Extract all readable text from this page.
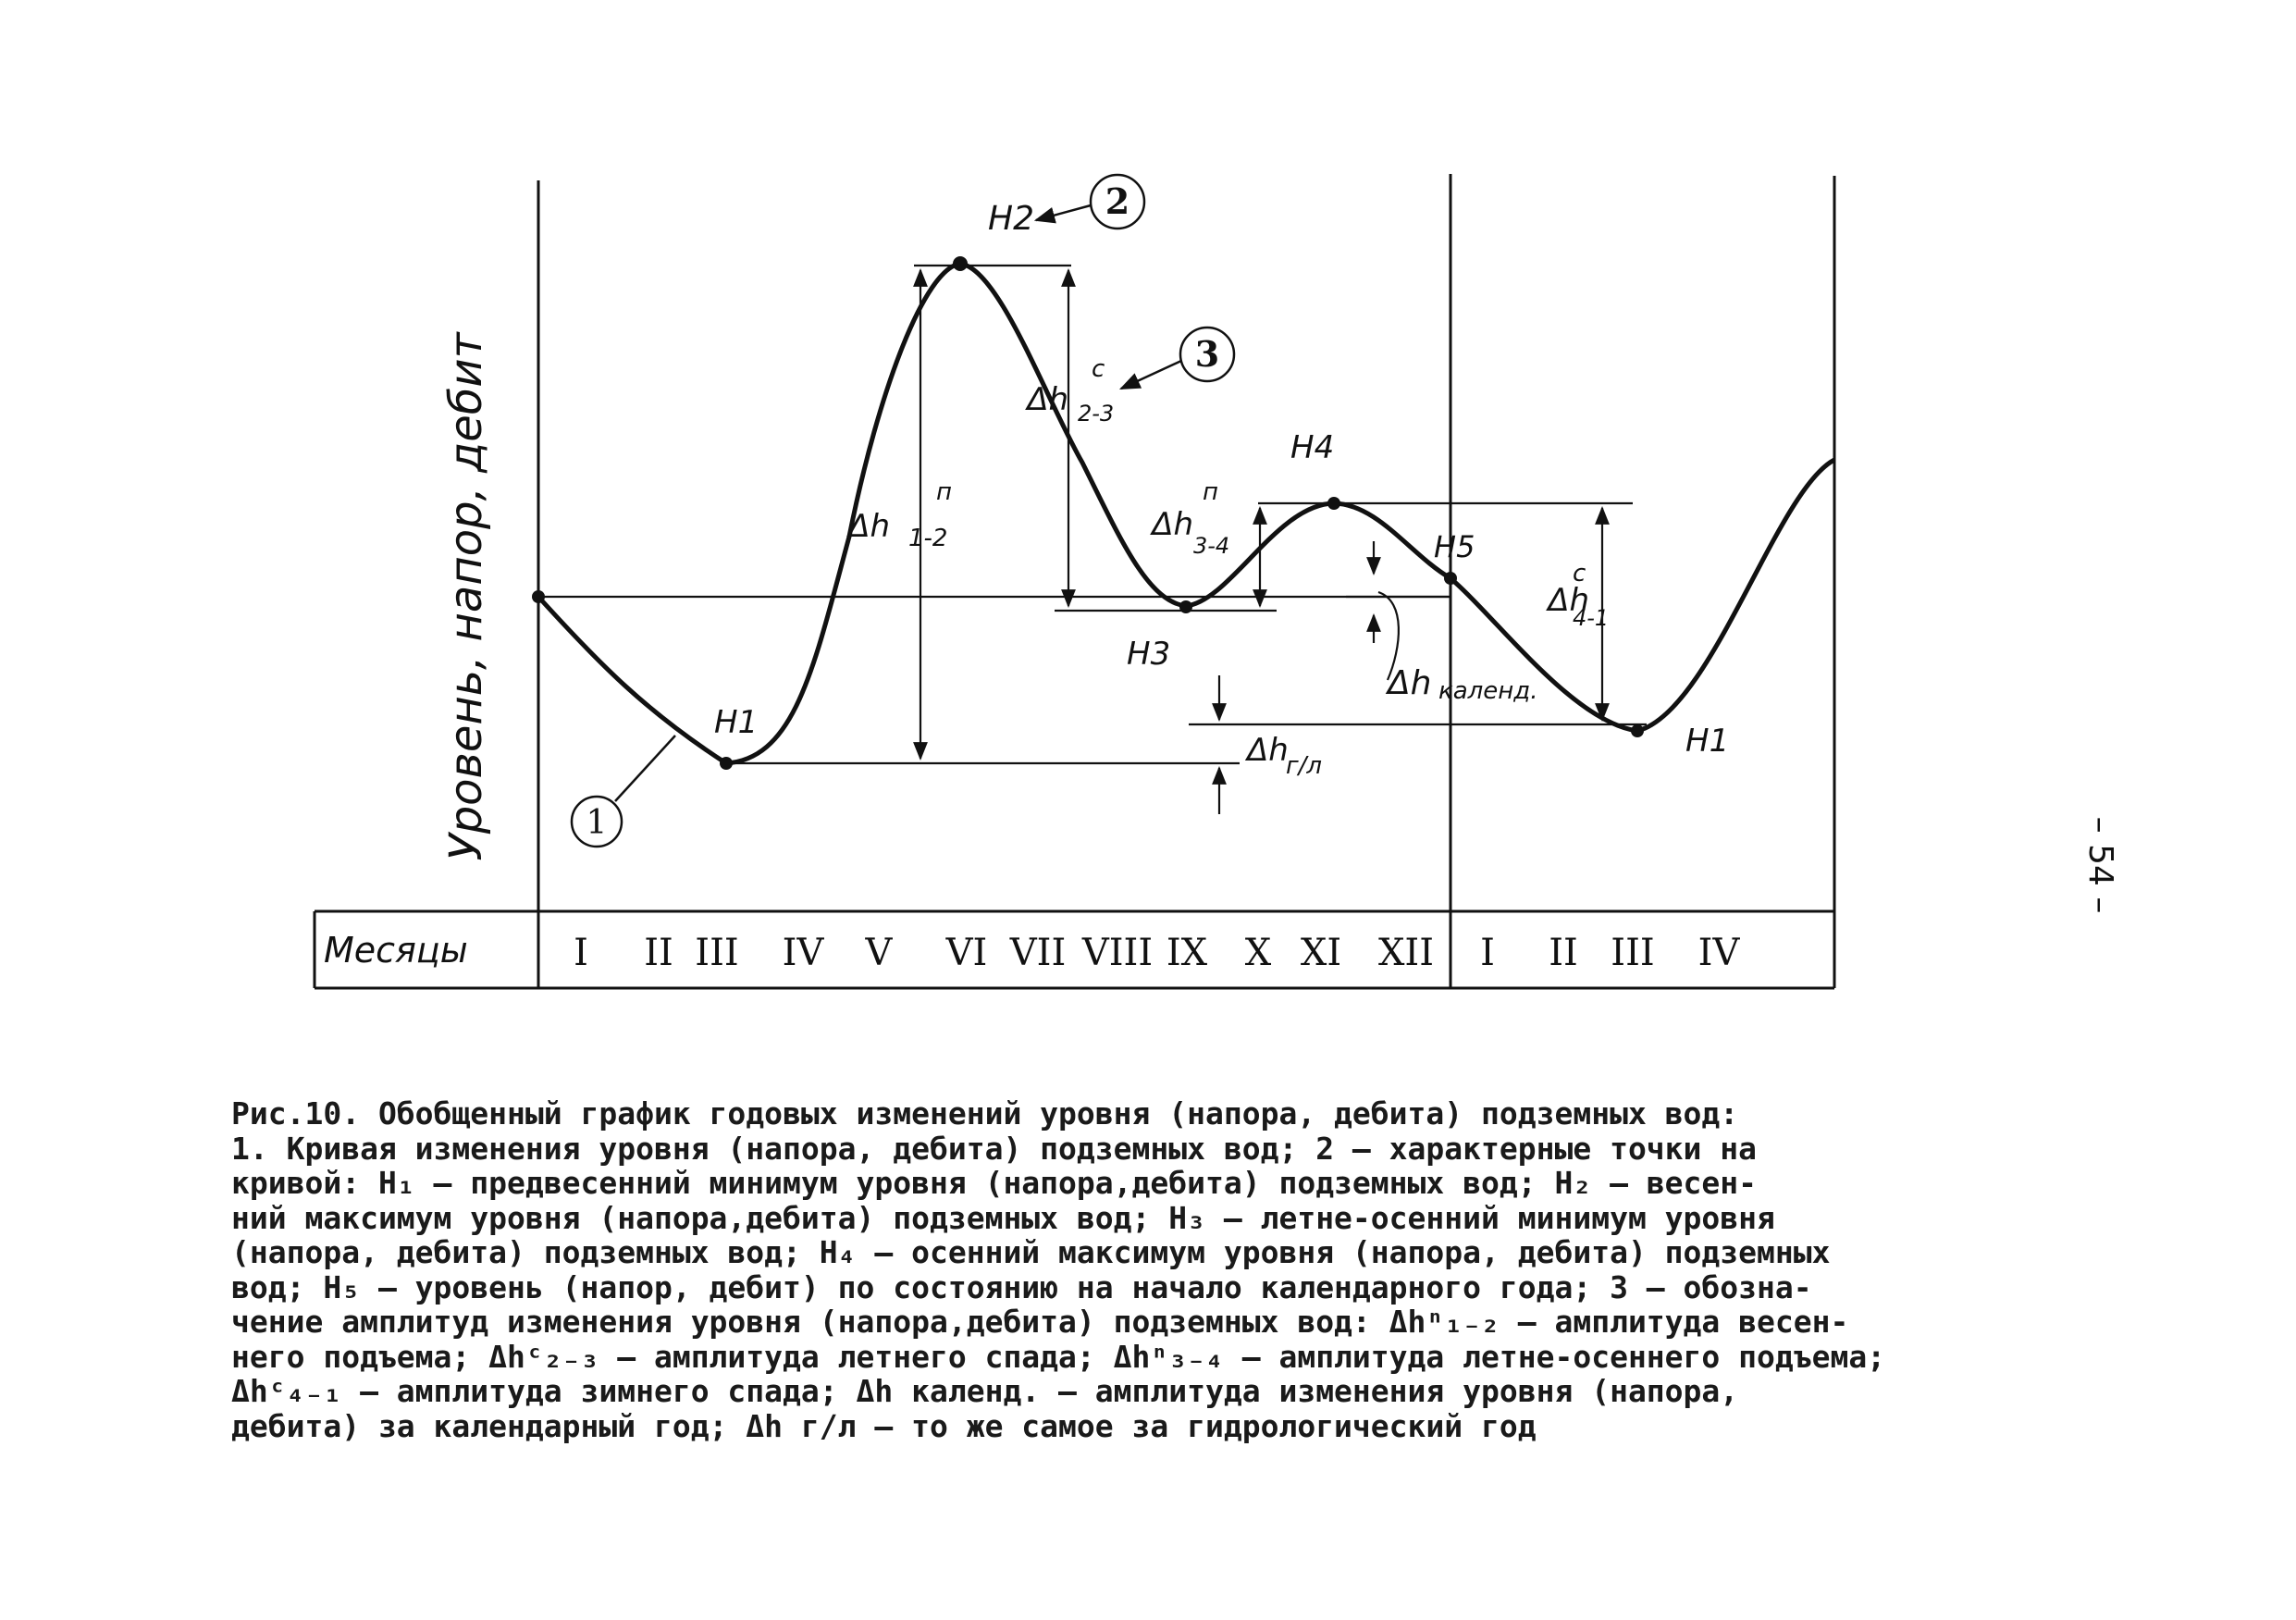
1
2
3
H1
H2
H3
H4
H5
H1
Δh
п
1-2
Δh
с
2-3
Δh
п
3-4
Δh
с
4-1
Δh календ.
Δh
г/л
Уровень, напор, дебит
Месяцы	I II III IV V VI VII VIII IX X XI XII I II III IV
Рис.10. Обобщенный график годовых изменений уровня (напора, дебита) подземных вод:
1. Кривая изменения уровня (напора, дебита) подземных вод; 2 – характерные точки на
кривой: H₁ – предвесенний минимум уровня (напора,дебита) подземных вод; H₂ – весен-
ний максимум уровня (напора,дебита) подземных вод; H₃ – летне-осенний минимум уровня
(напора, дебита) подземных вод; H₄ – осенний максимум уровня (напора, дебита) подземных
вод; H₅ – уровень (напор, дебит) по состоянию на начало календарного года; 3 – обозна-
чение амплитуд изменения уровня (напора,дебита) подземных вод: Δhⁿ₁₋₂ – амплитуда весен-
него подъема; Δhᶜ₂₋₃ – амплитуда летнего спада; Δhⁿ₃₋₄ – амплитуда летне-осеннего подъема;
Δhᶜ₄₋₁ – амплитуда зимнего спада; Δh календ. – амплитуда изменения уровня (напора,
дебита) за календарный год; Δh г/л – то же самое за гидрологический год
– 54 –
